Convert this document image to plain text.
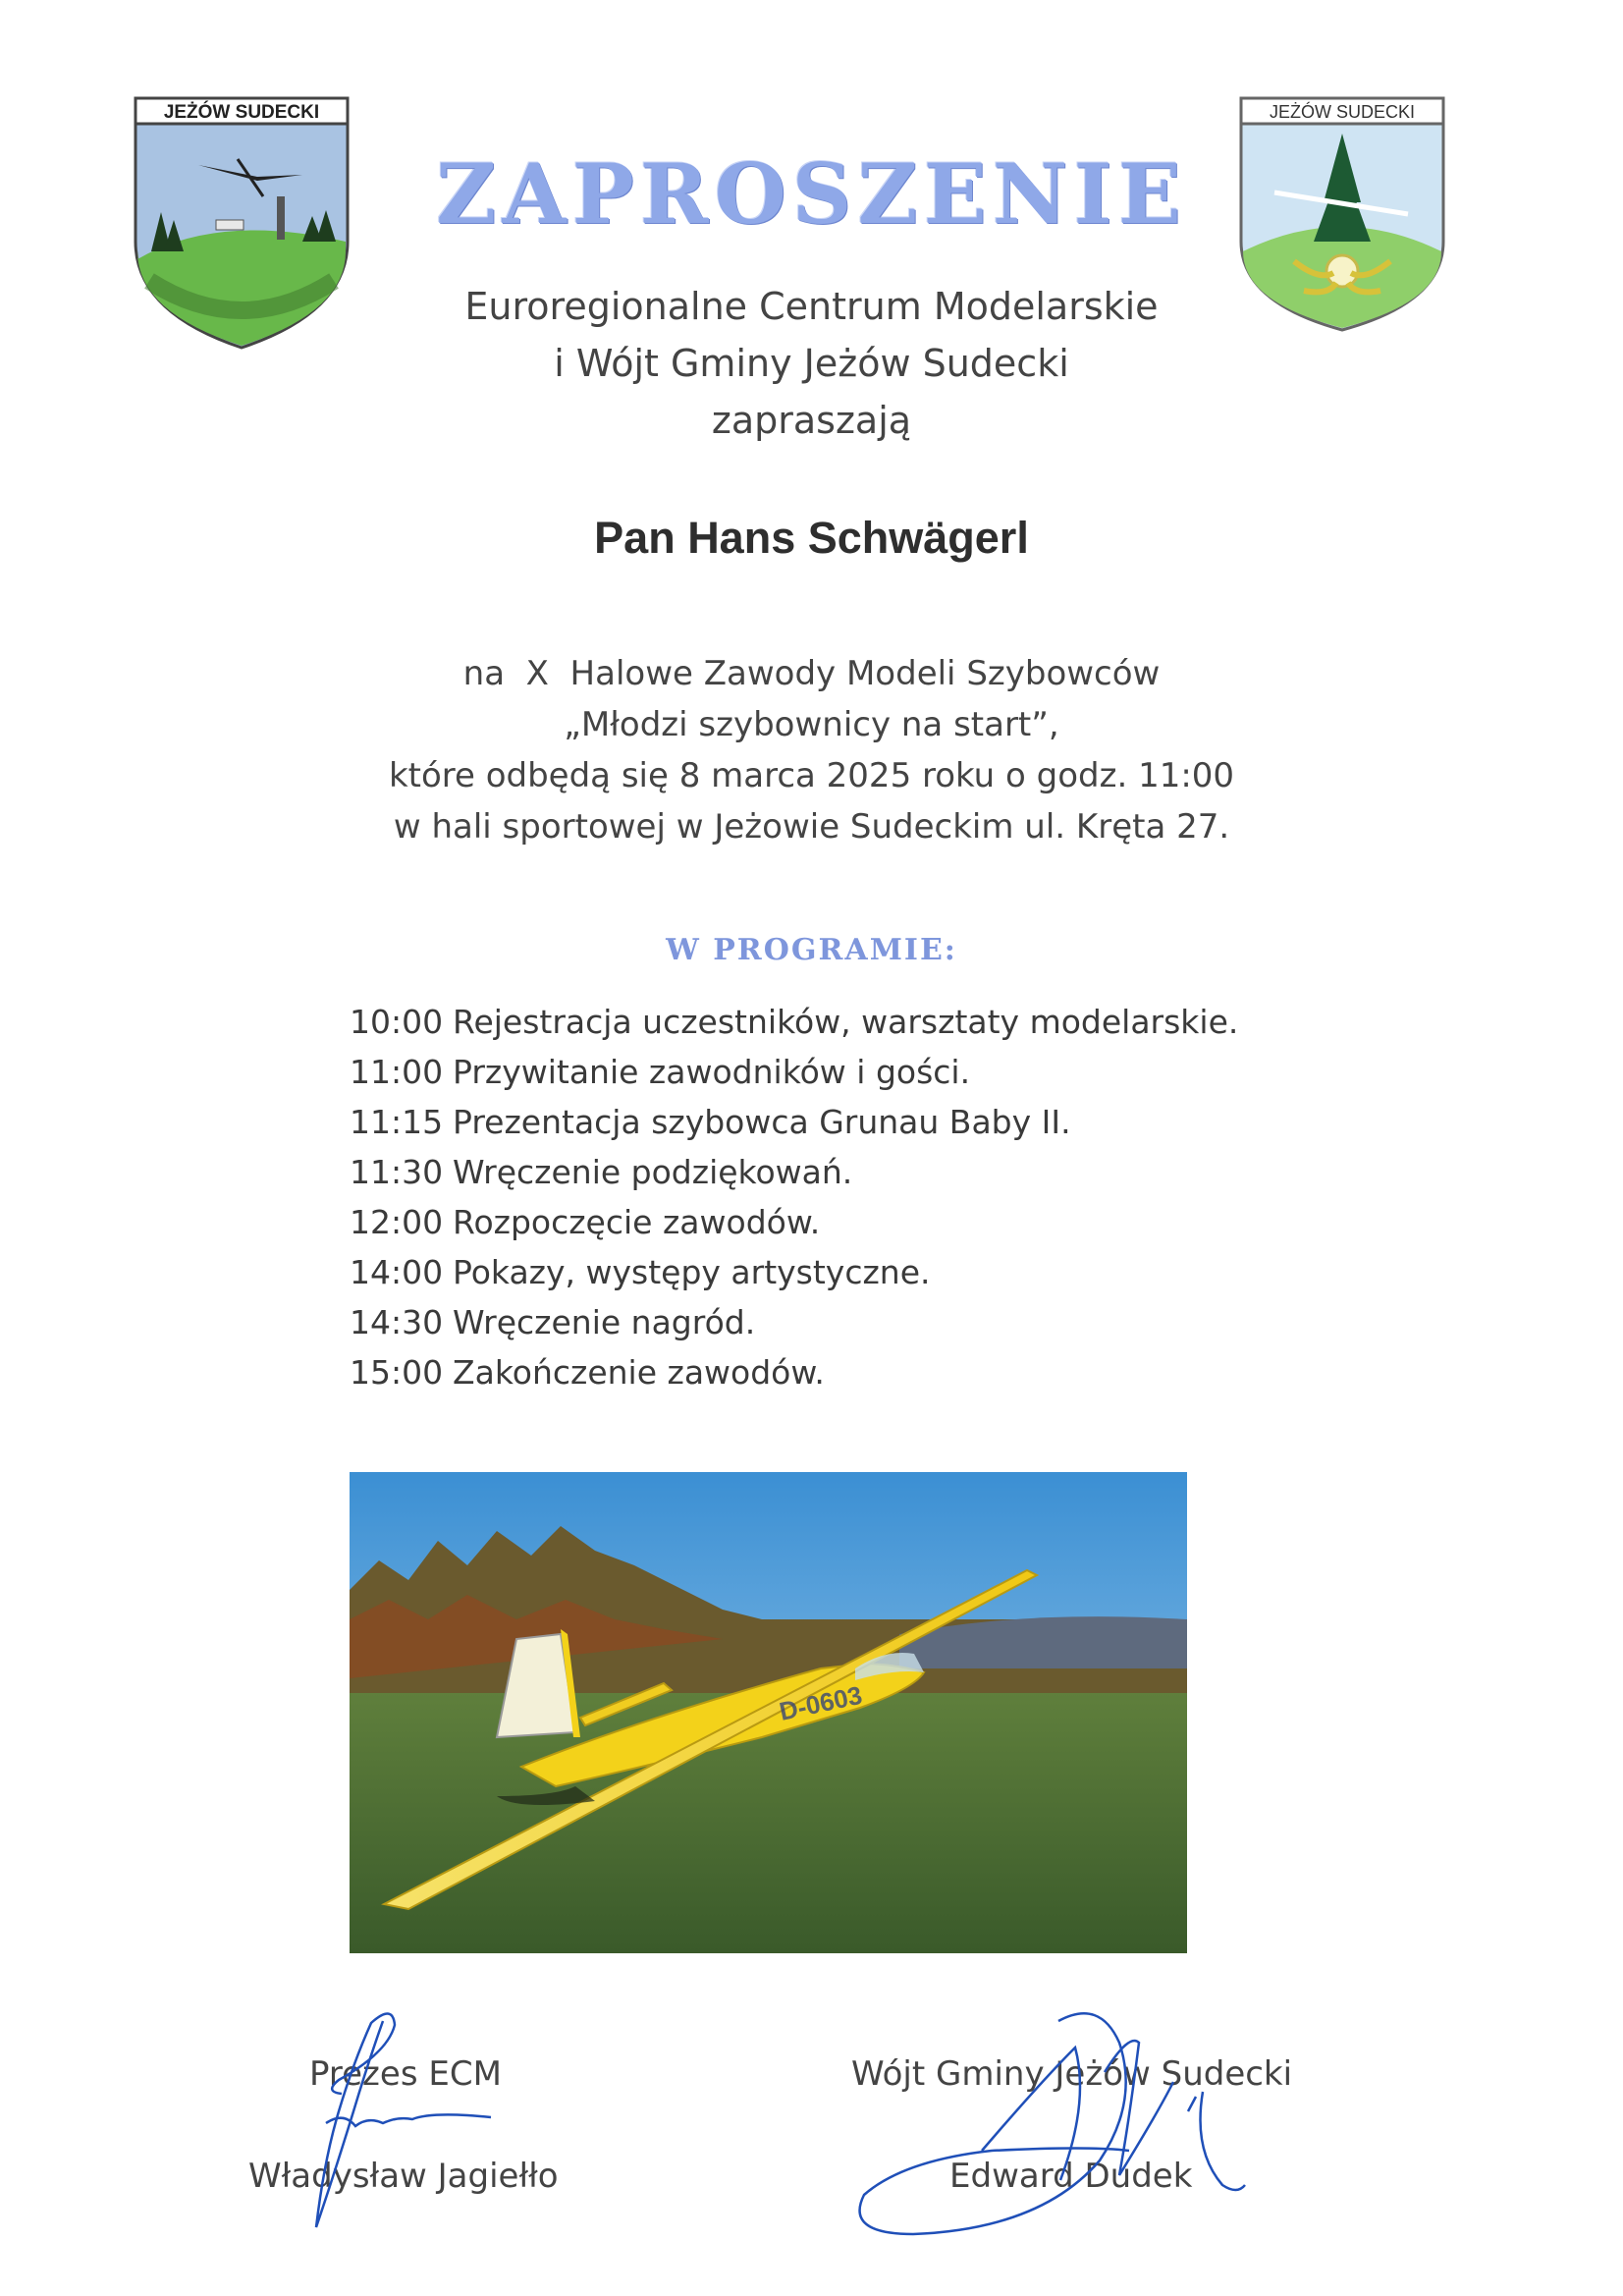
JEŻÓW SUDECKI	JEŻÓW SUDECKI
ZAPROSZENIE
Euroregionalne Centrum Modelarskie
i Wójt Gminy Jeżów Sudecki
zapraszają
Pan Hans Schwägerl
na  X  Halowe Zawody Modeli Szybowców
„Młodzi szybownicy na start”,
które odbędą się 8 marca 2025 roku o godz. 11:00
w hali sportowej w Jeżowie Sudeckim ul. Kręta 27.
W PROGRAMIE:
10:00 Rejestracja uczestników, warsztaty modelarskie.
11:00 Przywitanie zawodników i gości.
11:15 Prezentacja szybowca Grunau Baby II.
11:30 Wręczenie podziękowań.
12:00 Rozpoczęcie zawodów.
14:00 Pokazy, występy artystyczne.
14:30 Wręczenie nagród.
15:00 Zakończenie zawodów.
D-0603
Prezes ECM
Władysław Jagiełło
Wójt Gminy Jeżów Sudecki
Edward Dudek
